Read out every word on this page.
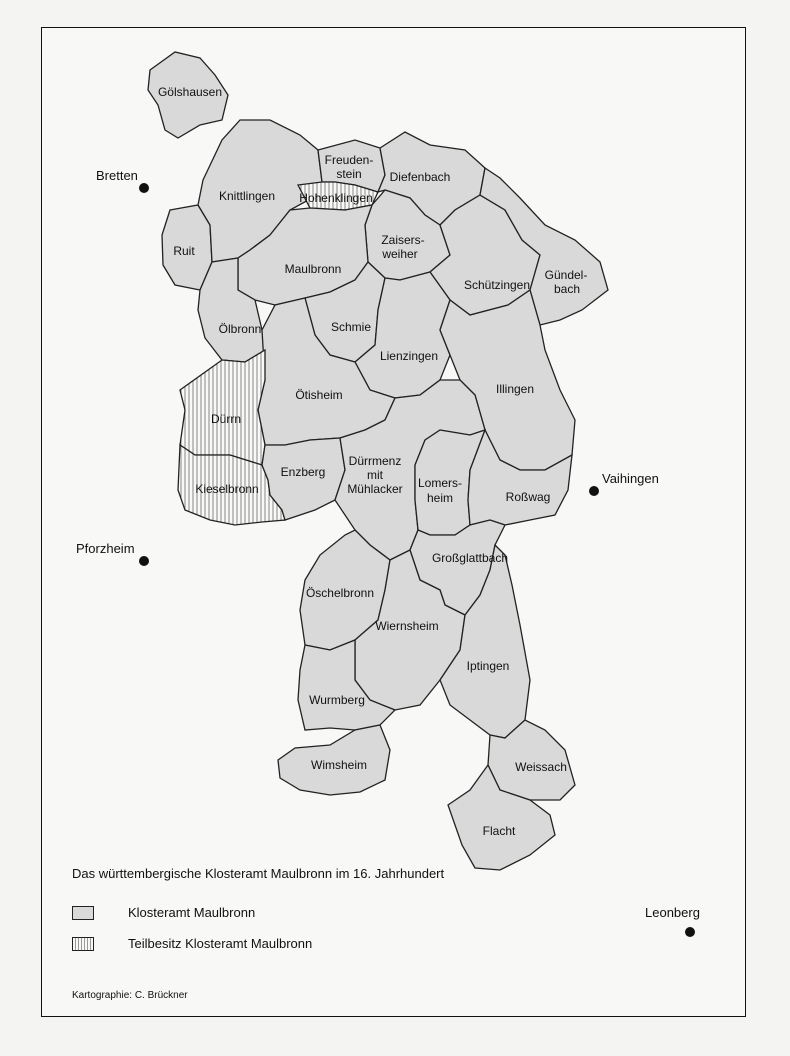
Gölshausen
Freuden-
stein
Hohenklingen
Diefenbach
Knittlingen
Ruit
Zaisers-
weiher
Maulbronn
Schützingen
Gündel-
bach
Ölbronn	Schmie
Lienzingen
Illingen
Ötisheim
Dürrn
Dürrmenz
mit
Mühlacker
Enzberg
Lomers-
heim	Roßwag
Kieselbronn
Großglattbach
Öschelbronn
Wiernsheim
Iptingen
Wurmberg
Wimsheim	Weissach
Flacht
Bretten
Pforzheim
Vaihingen
Leonberg
Das württembergische Klosteramt Maulbronn im 16. Jahrhundert
Klosteramt Maulbronn
Teilbesitz Klosteramt Maulbronn
Kartographie: C. Brückner
